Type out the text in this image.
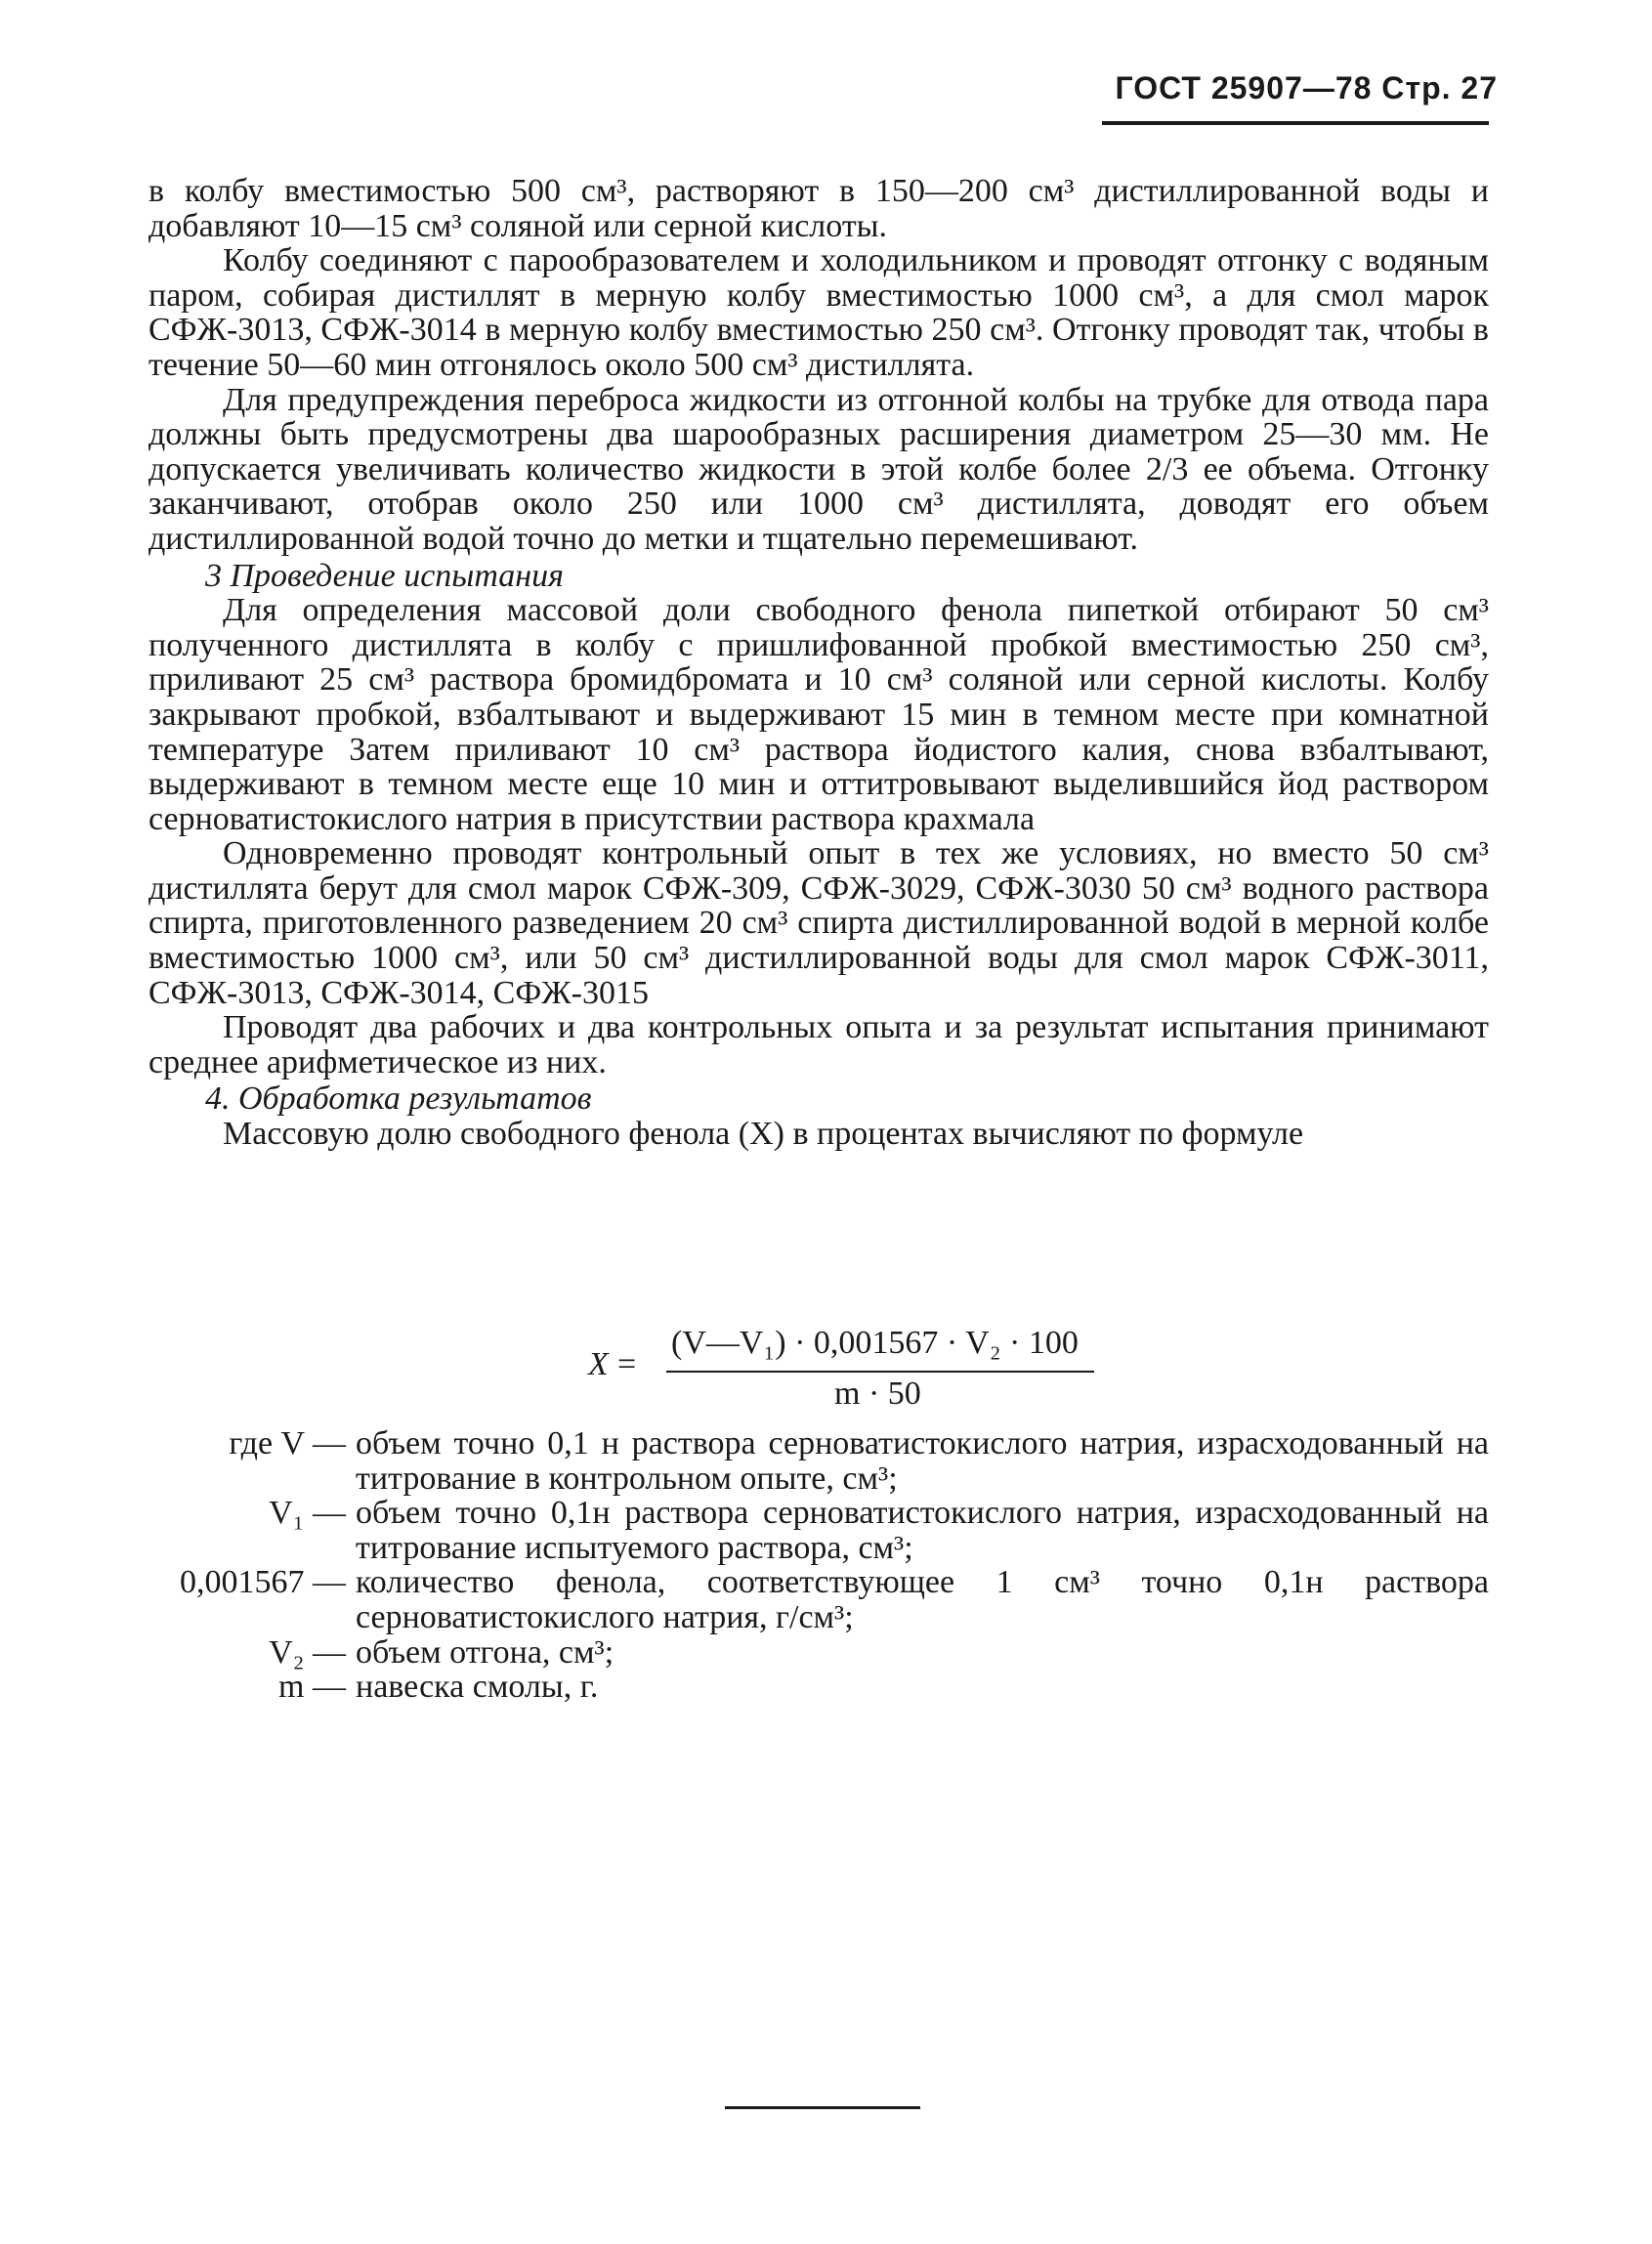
ГОСТ 25907—78 Стр. 27

в колбу вместимостью 500 см³, растворяют в 150—200 см³ дистиллированной воды и добавляют 10—15 см³ соляной или серной кислоты.

Колбу соединяют с парообразователем и холодильником и проводят отгонку с водяным паром, собирая дистиллят в мерную колбу вместимостью 1000 см³, а для смол марок СФЖ-3013, СФЖ-3014 в мерную колбу вместимостью 250 см³. Отгонку проводят так, чтобы в течение 50—60 мин отгонялось около 500 см³ дистиллята.

Для предупреждения переброса жидкости из отгонной колбы на трубке для отвода пара должны быть предусмотрены два шарообразных расширения диаметром 25—30 мм. Не допускается увеличивать количество жидкости в этой колбе более 2/3 ее объема. Отгонку заканчивают, отобрав около 250 или 1000 см³ дистиллята, доводят его объем дистиллированной водой точно до метки и тщательно перемешивают.

3 Проведение испытания

Для определения массовой доли свободного фенола пипеткой отбирают 50 см³ полученного дистиллята в колбу с пришлифованной пробкой вместимостью 250 см³, приливают 25 см³ раствора бромидбромата и 10 см³ соляной или серной кислоты. Колбу закрывают пробкой, взбалтывают и выдерживают 15 мин в темном месте при комнатной температуре Затем приливают 10 см³ раствора йодистого калия, снова взбалтывают, выдерживают в темном месте еще 10 мин и оттитровывают выделившийся йод раствором серноватистокислого натрия в присутствии раствора крахмала

Одновременно проводят контрольный опыт в тех же условиях, но вместо 50 см³ дистиллята берут для смол марок СФЖ-309, СФЖ-3029, СФЖ-3030 50 см³ водного раствора спирта, приготовленного разведением 20 см³ спирта дистиллированной водой в мерной колбе вместимостью 1000 см³, или 50 см³ дистиллированной воды для смол марок СФЖ-3011, СФЖ-3013, СФЖ-3014, СФЖ-3015

Проводят два рабочих и два контрольных опыта и за результат испытания принимают среднее арифметическое из них.

4. Обработка результатов

Массовую долю свободного фенола (X) в процентах вычисляют по формуле

X =
(V—V₁) · 0,001567 · V₂ · 100
m · 50
где V — объем точно 0,1 н раствора серноватистокислого натрия, израсходованный на титрование в контрольном опыте, см³;
V₁ — объем точно 0,1н раствора серноватистокислого натрия, израсходованный на титрование испытуемого раствора, см³;
0,001567 — количество фенола, соответствующее 1 см³ точно 0,1н раствора серноватистокислого натрия, г/см³;
V₂ — объем отгона, см³;
m — навеска смолы, г.
